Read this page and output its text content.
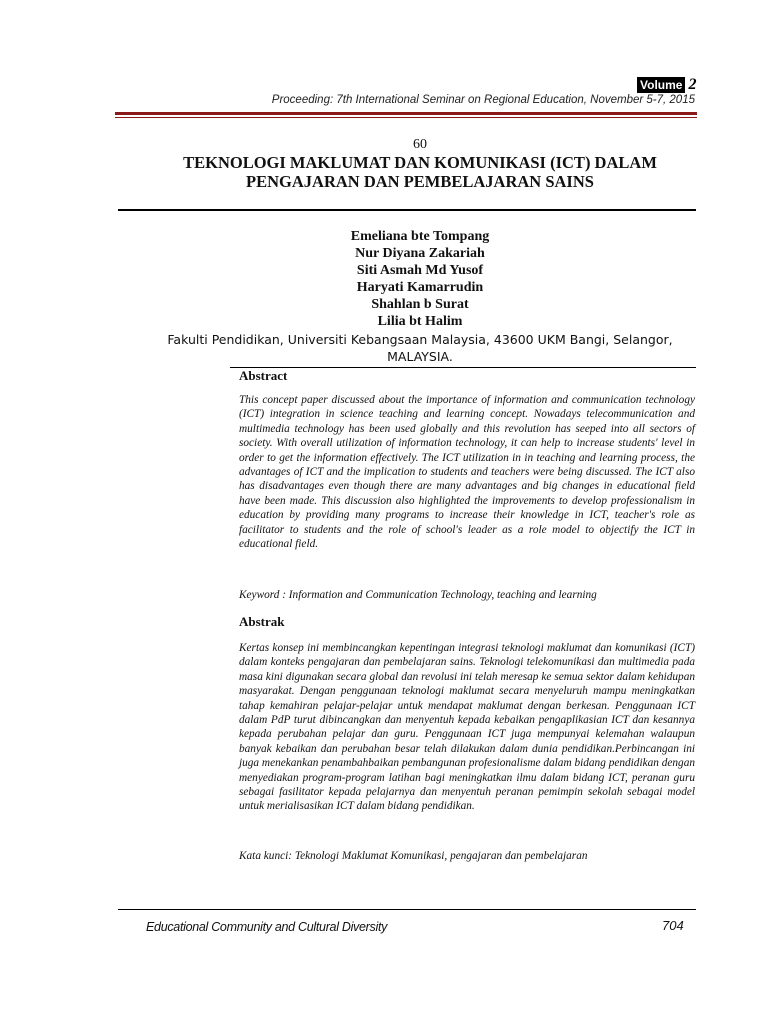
Volume 2
Proceeding: 7th International Seminar on Regional Education, November 5-7, 2015
60
TEKNOLOGI MAKLUMAT DAN KOMUNIKASI (ICT) DALAM
PENGAJARAN DAN PEMBELAJARAN SAINS
Emeliana bte Tompang
Nur Diyana Zakariah
Siti Asmah Md Yusof
Haryati Kamarrudin
Shahlan b Surat
Lilia bt Halim
Fakulti Pendidikan, Universiti Kebangsaan Malaysia, 43600 UKM Bangi, Selangor,
MALAYSIA.
Abstract
This concept paper discussed about the importance of information and communication technology (ICT) integration in science teaching and learning concept. Nowadays telecommunication and multimedia technology has been used globally and this revolution has seeped into all sectors of society. With overall utilization of information technology, it can help to increase students' level in order to get the information effectively. The ICT utilization in in teaching and learning process, the advantages of ICT and the implication to students and teachers were being discussed. The ICT also has disadvantages even though there are many advantages and big changes in educational field have been made. This discussion also highlighted the improvements to develop professionalism in education by providing many programs to increase their knowledge in ICT, teacher's role as facilitator to students and the role of school's leader as a role model to objectify the ICT in educational field.
Keyword : Information and Communication Technology, teaching and learning
Abstrak
Kertas konsep ini membincangkan kepentingan integrasi teknologi maklumat dan komunikasi (ICT) dalam konteks pengajaran dan pembelajaran sains. Teknologi telekomunikasi dan multimedia pada masa kini digunakan secara global dan revolusi ini telah meresap ke semua sektor dalam kehidupan masyarakat. Dengan penggunaan teknologi maklumat secara menyeluruh mampu meningkatkan tahap kemahiran pelajar-pelajar untuk mendapat maklumat dengan berkesan. Penggunaan ICT dalam PdP turut dibincangkan dan menyentuh kepada kebaikan pengaplikasian ICT dan kesannya kepada perubahan pelajar dan guru. Penggunaan ICT juga mempunyai kelemahan walaupun banyak kebaikan dan perubahan besar telah dilakukan dalam dunia pendidikan.Perbincangan ini juga menekankan penambahbaikan pembangunan profesionalisme dalam bidang pendidikan dengan menyediakan program-program latihan bagi meningkatkan ilmu dalam bidang ICT, peranan guru sebagai fasilitator kepada pelajarnya dan menyentuh peranan pemimpin sekolah sebagai model untuk merialisasikan ICT dalam bidang pendidikan.
Kata kunci: Teknologi Maklumat Komunikasi, pengajaran dan pembelajaran
Educational Community and Cultural Diversity	704
